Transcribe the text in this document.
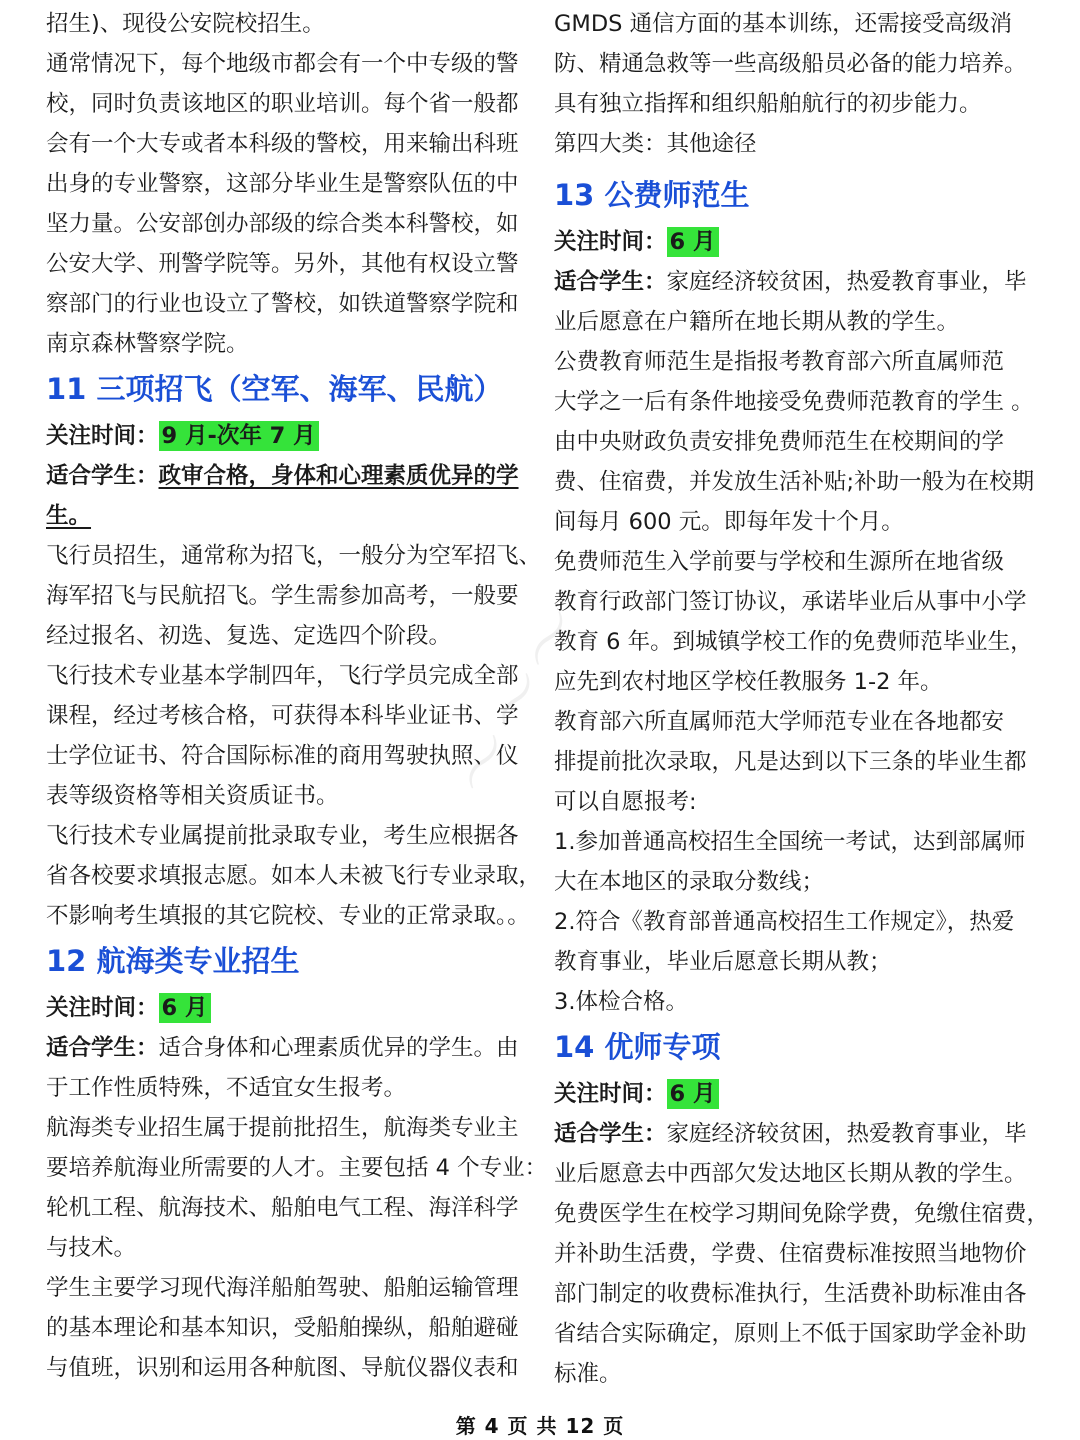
招生)、现役公安院校招生。
通常情况下，每个地级市都会有一个中专级的警
校，同时负责该地区的职业培训。每个省一般都
会有一个大专或者本科级的警校，用来输出科班
出身的专业警察，这部分毕业生是警察队伍的中
坚力量。公安部创办部级的综合类本科警校，如
公安大学、刑警学院等。另外，其他有权设立警
察部门的行业也设立了警校，如铁道警察学院和
南京森林警察学院。
11 三项招飞（空军、海军、民航）
关注时间： 9 月-次年 7 月
适合学生：政审合格，身体和心理素质优异的学
生。
飞行员招生，通常称为招飞，一般分为空军招飞、
海军招飞与民航招飞。学生需参加高考，一般要
经过报名、初选、复选、定选四个阶段。
飞行技术专业基本学制四年，飞行学员完成全部
课程，经过考核合格，可获得本科毕业证书、学
士学位证书、符合国际标准的商用驾驶执照、仪
表等级资格等相关资质证书。
飞行技术专业属提前批录取专业，考生应根据各
省各校要求填报志愿。如本人未被飞行专业录取，
不影响考生填报的其它院校、专业的正常录取。。
12 航海类专业招生
关注时间： 6 月
适合学生：适合身体和心理素质优异的学生。由
于工作性质特殊，不适宜女生报考。
航海类专业招生属于提前批招生，航海类专业主
要培养航海业所需要的人才。主要包括 4 个专业：
轮机工程、航海技术、船舶电气工程、海洋科学
与技术。
学生主要学习现代海洋船舶驾驶、船舶运输管理
的基本理论和基本知识，受船舶操纵，船舶避碰
与值班，识别和运用各种航图、导航仪器仪表和
GMDS 通信方面的基本训练，还需接受高级消
防、精通急救等一些高级船员必备的能力培养。
具有独立指挥和组织船舶航行的初步能力。
第四大类：其他途径
13 公费师范生
关注时间： 6 月
适合学生：家庭经济较贫困，热爱教育事业，毕
业后愿意在户籍所在地长期从教的学生。
公费教育师范生是指报考教育部六所直属师范
大学之一后有条件地接受免费师范教育的学生 。
由中央财政负责安排免费师范生在校期间的学
费、住宿费，并发放生活补贴;补助一般为在校期
间每月 600 元。即每年发十个月。
免费师范生入学前要与学校和生源所在地省级
教育行政部门签订协议，承诺毕业后从事中小学
教育 6 年。到城镇学校工作的免费师范毕业生，
应先到农村地区学校任教服务 1-2 年。
教育部六所直属师范大学师范专业在各地都安
排提前批次录取，凡是达到以下三条的毕业生都
可以自愿报考:
1.参加普通高校招生全国统一考试，达到部属师
大在本地区的录取分数线；
2.符合《教育部普通高校招生工作规定》，热爱
教育事业，毕业后愿意长期从教；
3.体检合格。
14 优师专项
关注时间： 6 月
适合学生：家庭经济较贫困，热爱教育事业，毕
业后愿意去中西部欠发达地区长期从教的学生。
免费医学生在校学习期间免除学费，免缴住宿费，
并补助生活费，学费、住宿费标准按照当地物价
部门制定的收费标准执行，生活费补助标准由各
省结合实际确定，原则上不低于国家助学金补助
标准。
～～～
第 4 页 共 12 页
